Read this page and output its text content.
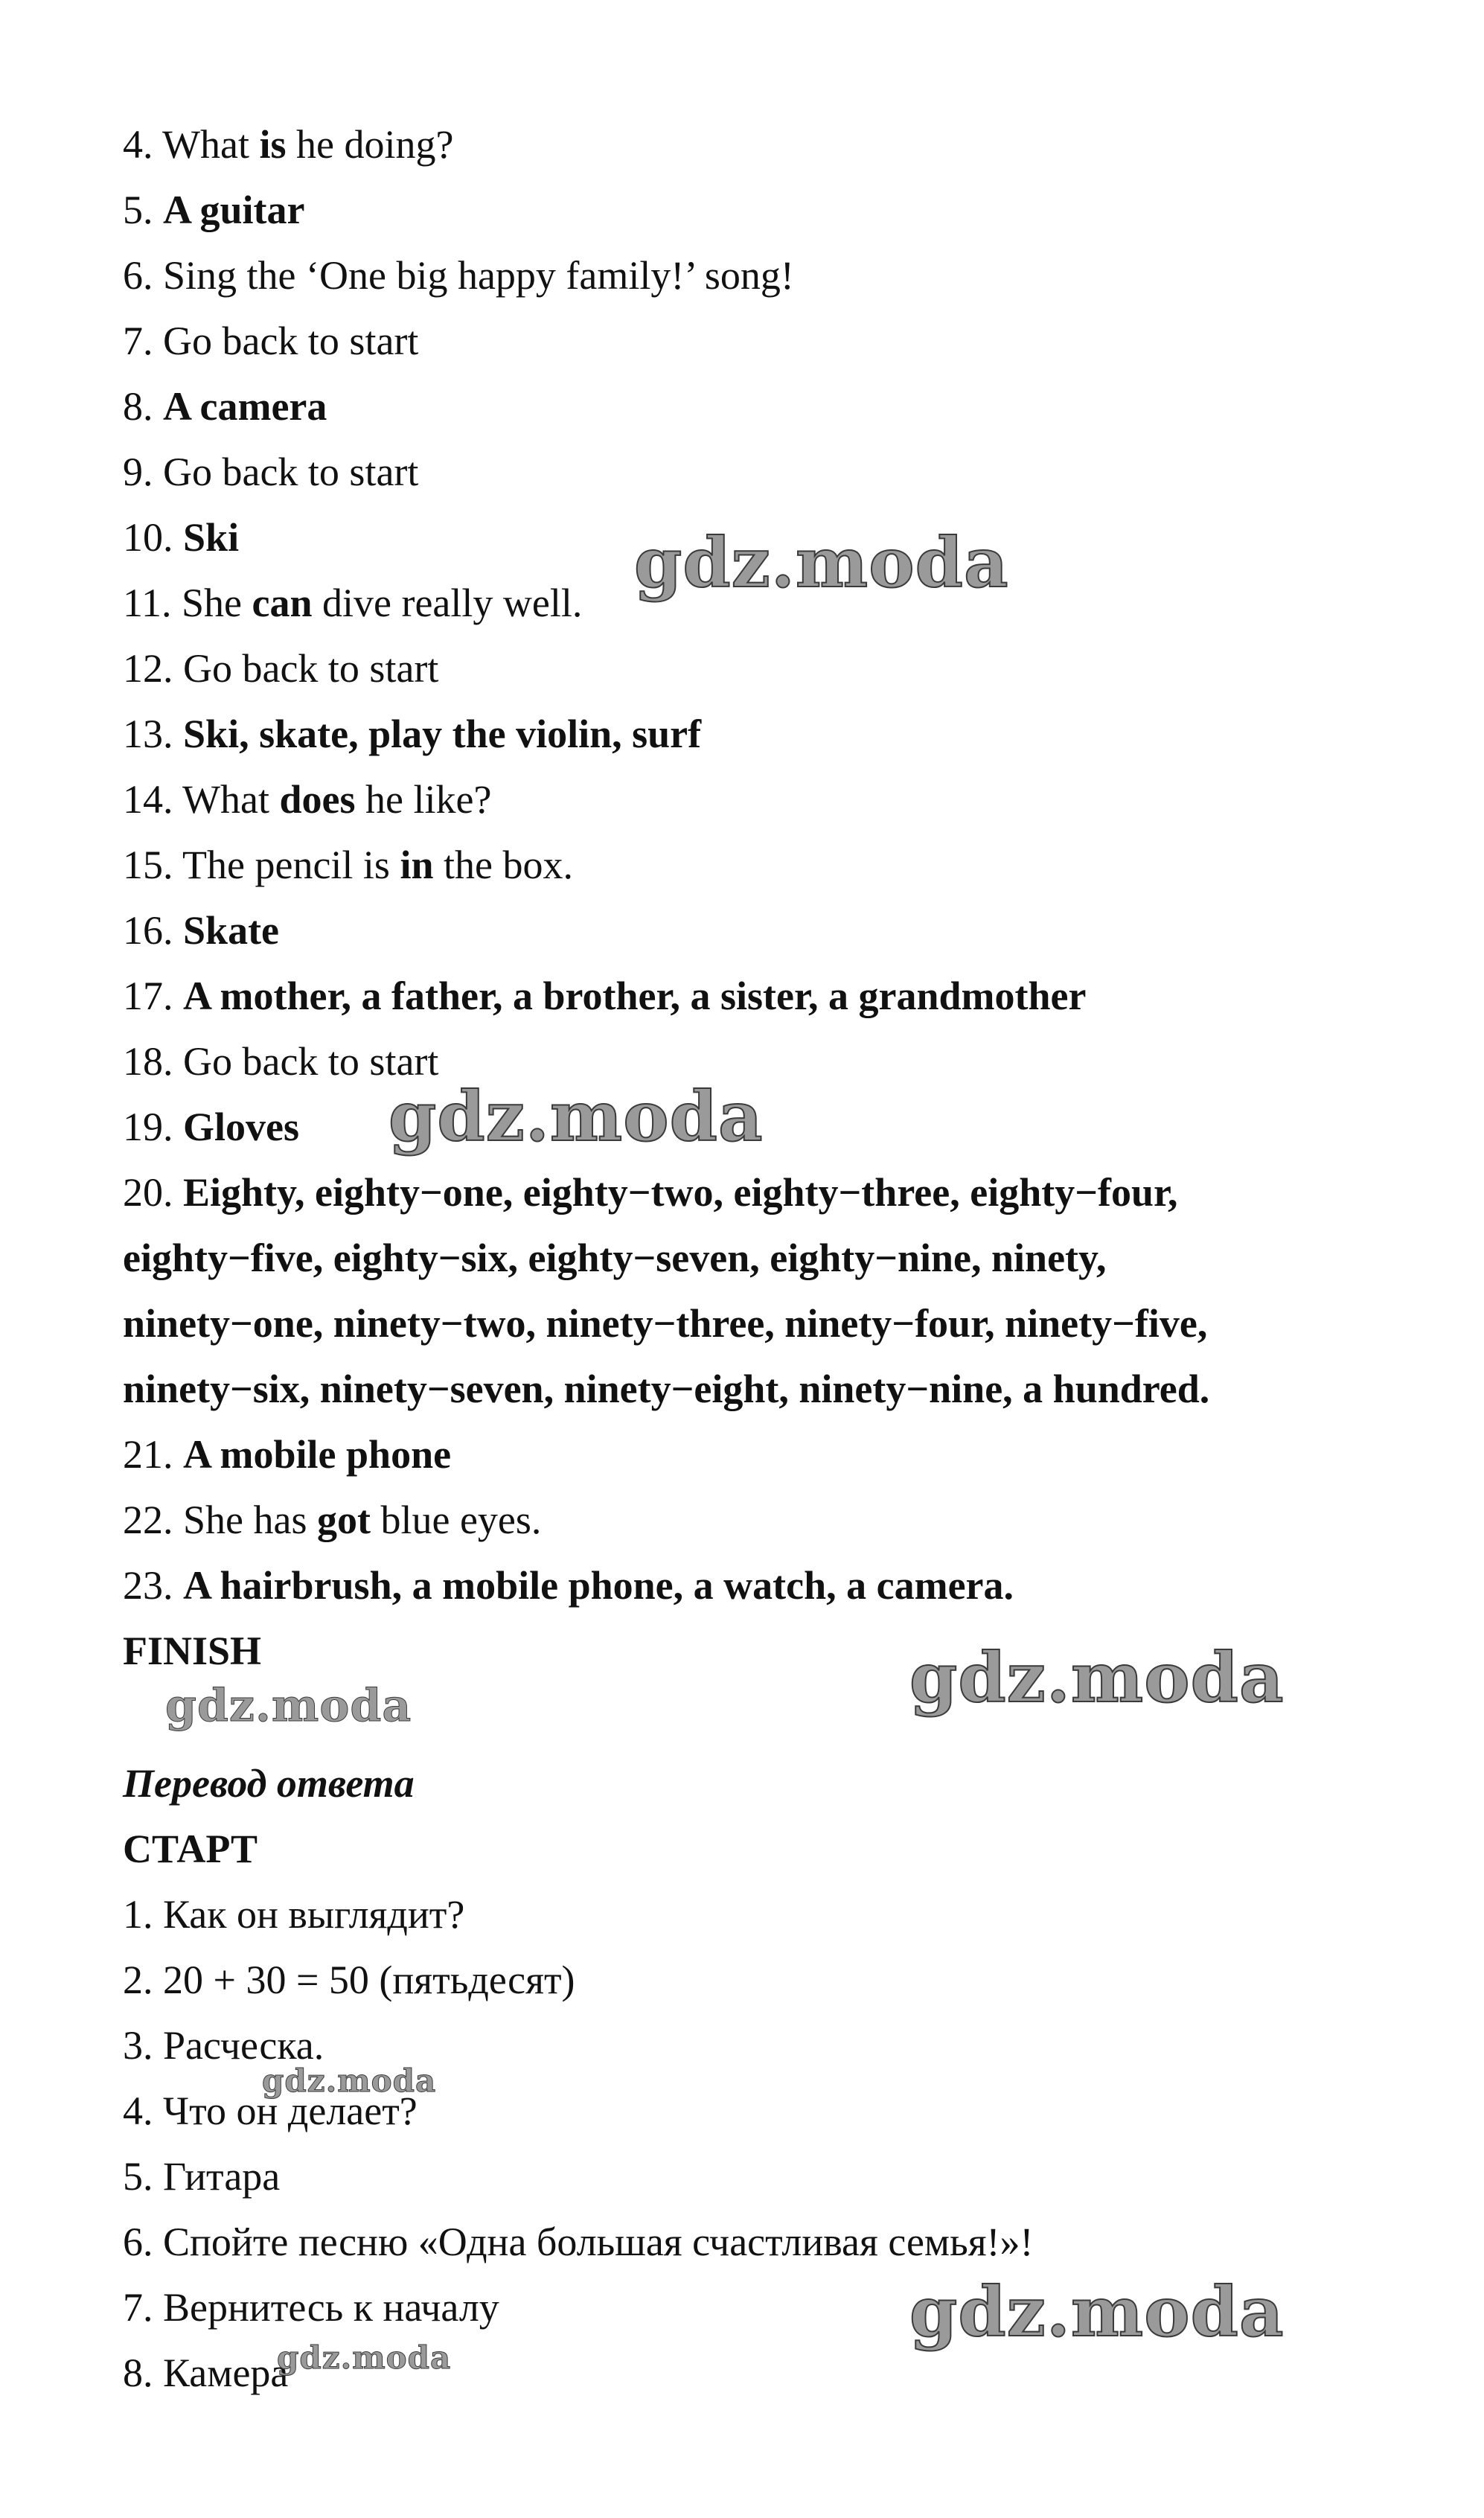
4. What is he doing?
5. A guitar
6. Sing the ‘One big happy family!’ song!
7. Go back to start
8. A camera
9. Go back to start
10. Ski
11. She can dive really well.
12. Go back to start
13. Ski, skate, play the violin, surf
14. What does he like?
15. The pencil is in the box.
16. Skate
17. A mother, a father, a brother, a sister, a grandmother
18. Go back to start
19. Gloves
20. Eighty, eighty−one, eighty−two, eighty−three, eighty−four,
eighty−five, eighty−six, eighty−seven, eighty−nine, ninety,
ninety−one, ninety−two, ninety−three, ninety−four, ninety−five,
ninety−six, ninety−seven, ninety−eight, ninety−nine, a hundred.
21. A mobile phone
22. She has got blue eyes.
23. A hairbrush, a mobile phone, a watch, a camera.
FINISH
Перевод ответа
СТАРТ
1. Как он выглядит?
2. 20 + 30 = 50 (пятьдесят)
3. Расческа.
4. Что он делает?
5. Гитара
6. Спойте песню «Одна большая счастливая семья!»!
7. Вернитесь к началу
8. Камера
gdz.moda
gdz.moda
gdz.moda
gdz.moda
gdz.moda
gdz.moda
gdz.moda
